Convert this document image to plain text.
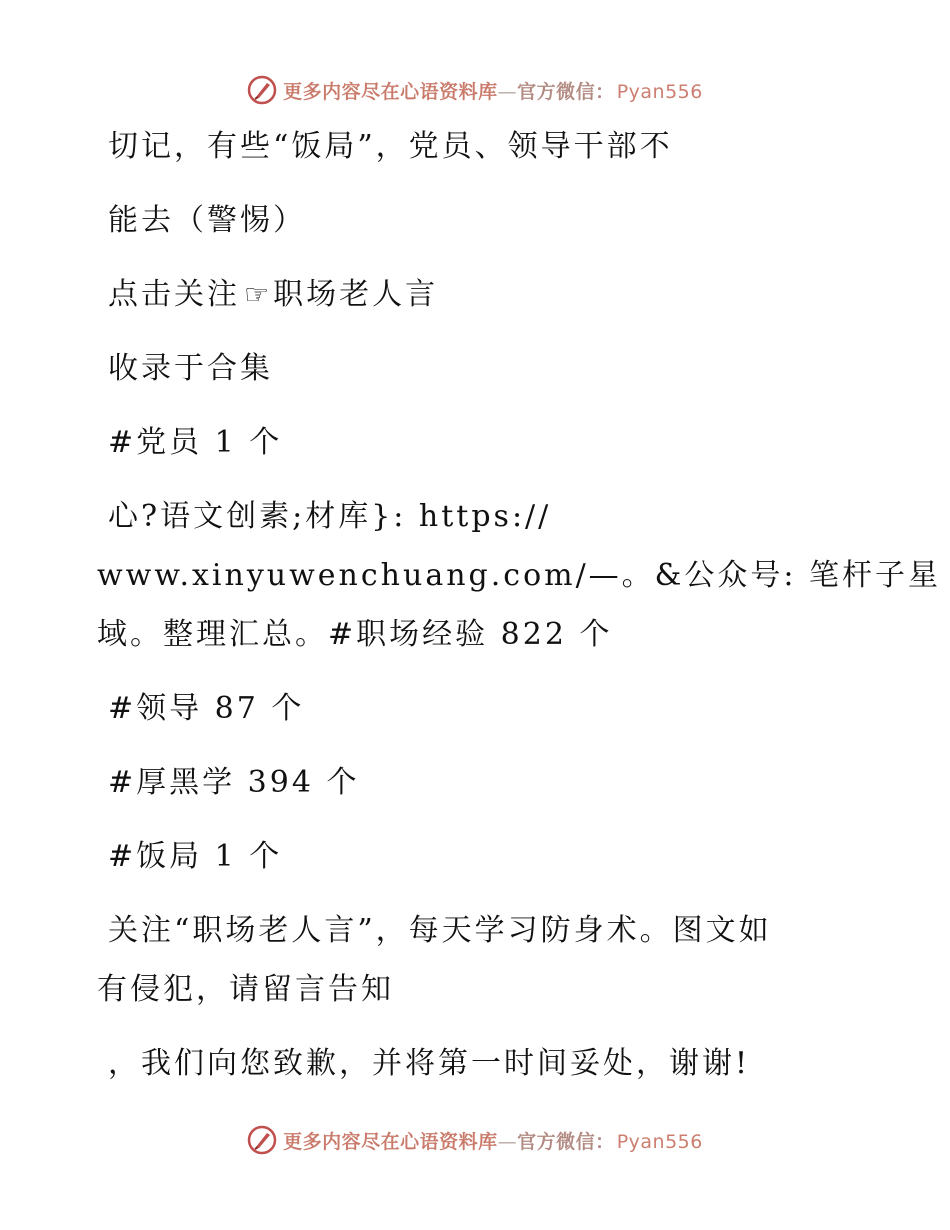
更多内容尽在心语资料库—官方微信： Pyan556
切记，有些“饭局”，党员、领导干部不
能去（警惕）
点击关注 ☞ 职场老人言
收录于合集
#党员 1 个
心?语文创素;材库}: https://
www.xinyuwenchuang.com/—。&公众号: 笔杆子星
域。整理汇总。#职场经验 822 个
#领导 87 个
#厚黑学 394 个
#饭局 1 个
关注“职场老人言”，每天学习防身术。图文如
有侵犯，请留言告知
，我们向您致歉，并将第一时间妥处，谢谢!
更多内容尽在心语资料库—官方微信： Pyan556
